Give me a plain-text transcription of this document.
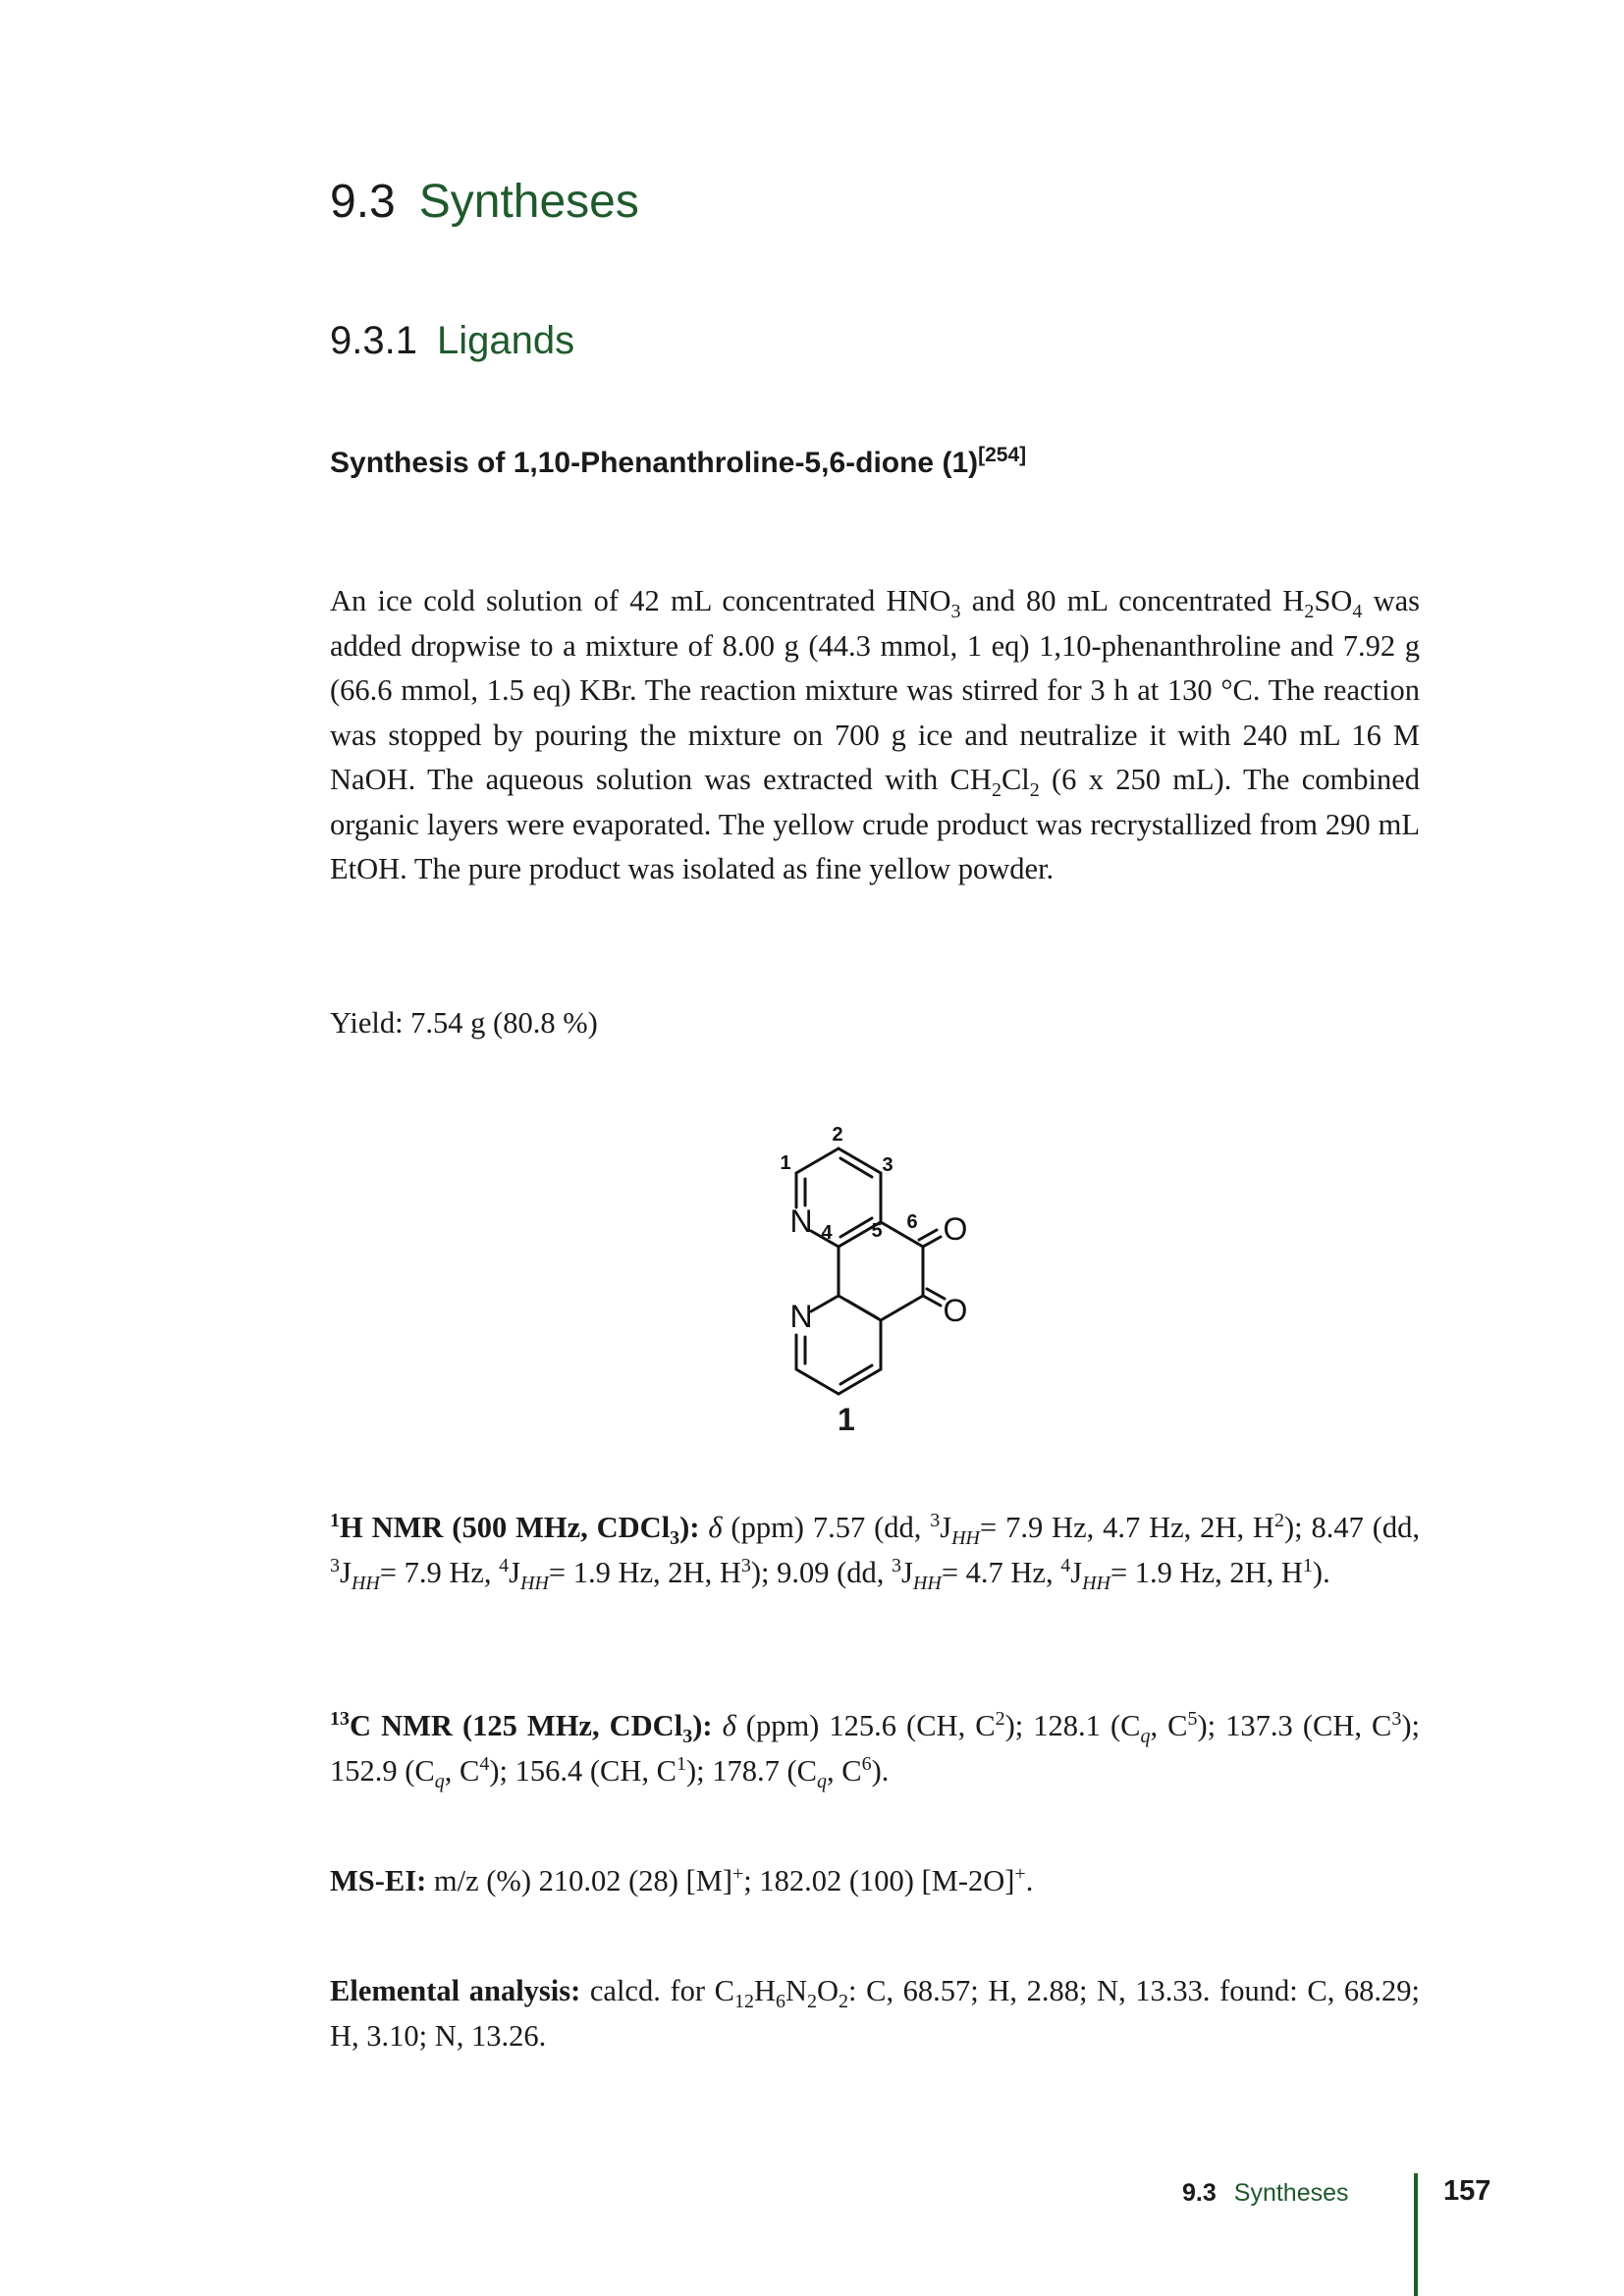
9.3 Syntheses
9.3.1 Ligands
Synthesis of 1,10-Phenanthroline-5,6-dione (1)[254]
An ice cold solution of 42 mL concentrated $HNO_3$ and 80 mL concentrated $H_2SO_4$ was added dropwise to a mixture of 8.00 g (44.3 mmol, 1 eq) 1,10-phenanthroline and 7.92 g (66.6 mmol, 1.5 eq) KBr. The reaction mixture was stirred for 3 h at 130 °C. The reaction was stopped by pouring the mixture on 700 g ice and neutralize it with 240 mL 16 M NaOH. The aqueous solution was extracted with $CH_2Cl_2$ (6 x 250 mL). The combined organic layers were evaporated. The yellow crude product was recrystallized from 290 mL EtOH. The pure product was isolated as fine yellow powder.
Yield: 7.54 g (80.8 %)
N
N
O
O
1
2
3
4 5 6
1
$^1$H NMR (500 MHz, CDCl$_3$): δ (ppm) 7.57 (dd, $^3J_{HH}= 7.9$ Hz, 4.7 Hz, 2H, $H^2$); 8.47 (dd, $^3J_{HH}= 7.9$ Hz, $^4J_{HH}= 1.9$ Hz, 2H, $H^3$); 9.09 (dd, $^3J_{HH}= 4.7$ Hz, $^4J_{HH}= 1.9$ Hz, 2H, $H^1$).
$^{13}$C NMR (125 MHz, CDCl$_3$): δ (ppm) 125.6 (CH, $C^2$); 128.1 ($C_q$, $C^5$); 137.3 (CH, $C^3$); 152.9 ($C_q$, $C^4$); 156.4 (CH, $C^1$); 178.7 ($C_q$, $C^6$).
MS-EI: m/z (%) 210.02 (28) [M]+; 182.02 (100) [M-2O]+.
Elemental analysis: calcd. for $C_{12}H_6N_2O_2$: C, 68.57; H, 2.88; N, 13.33. found: C, 68.29; H, 3.10; N, 13.26.
9.3 Syntheses	157
